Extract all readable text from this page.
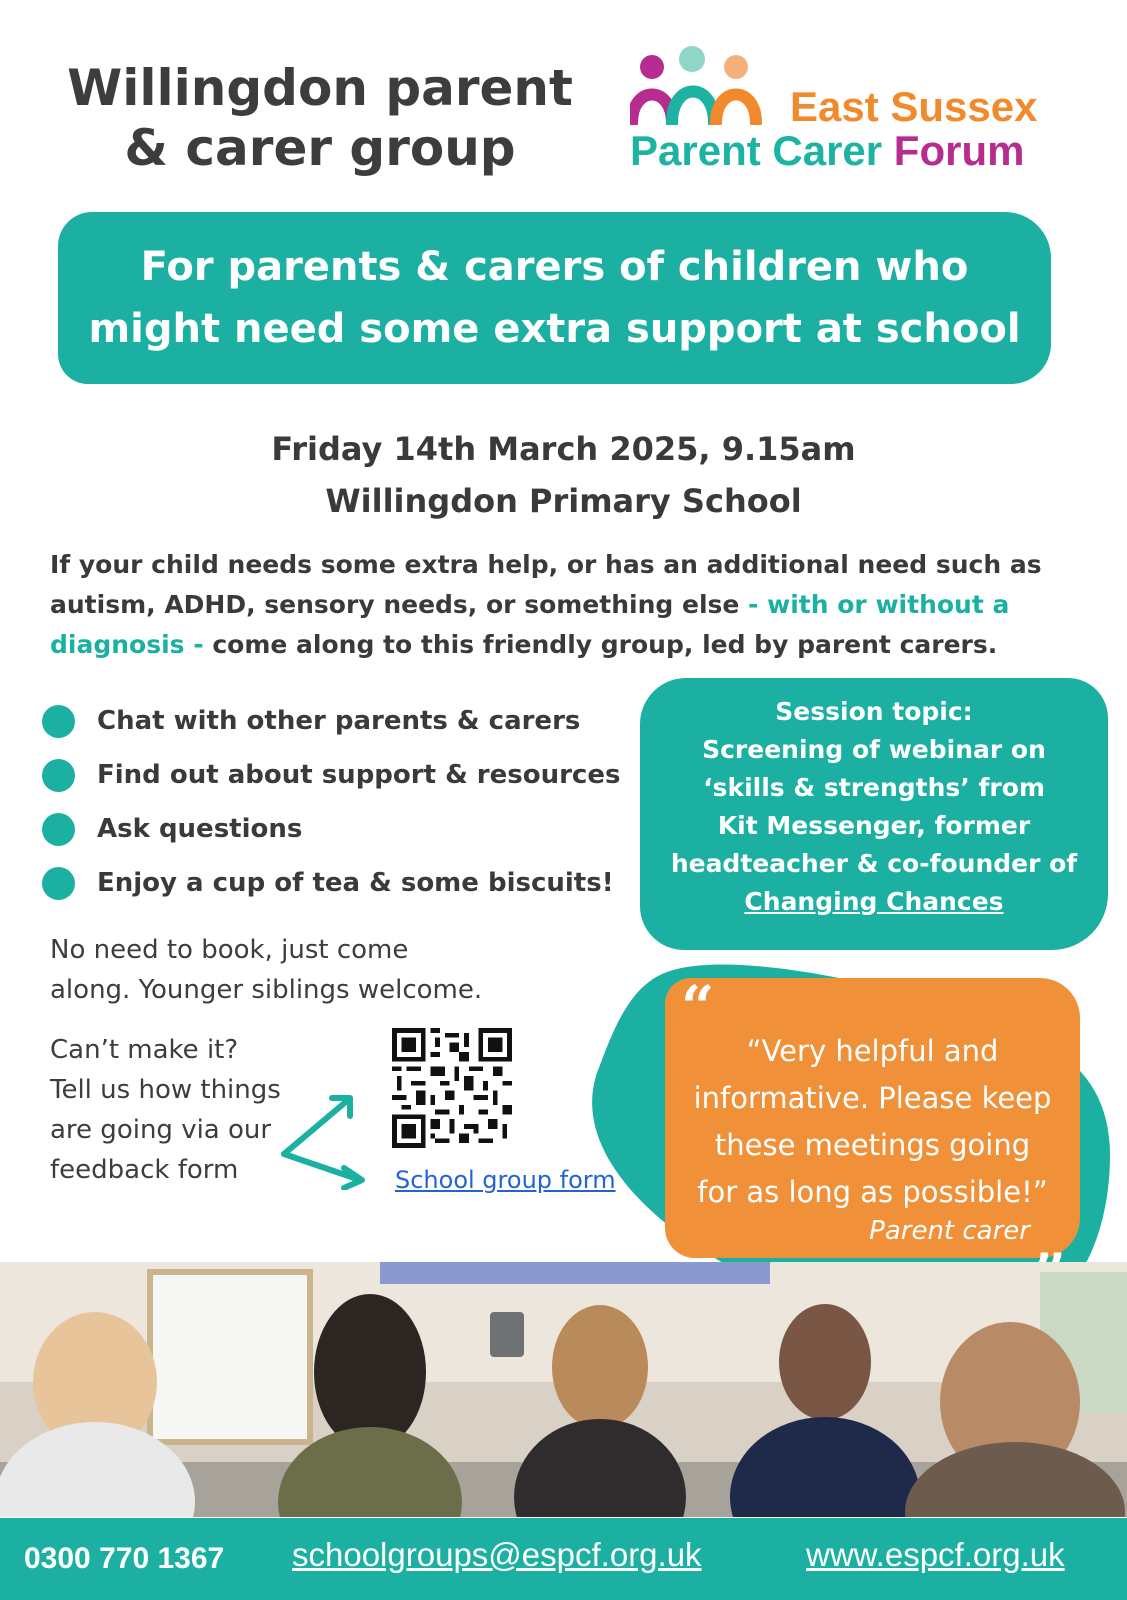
Willingdon parent
& carer group
East Sussex
Parent Carer Forum
For parents & carers of children who
might need some extra support at school
Friday 14th March 2025, 9.15am
Willingdon Primary School

If your child needs some extra help, or has an additional need such as autism, ADHD, sensory needs, or something else - with or without a diagnosis - come along to this friendly group, led by parent carers.

Chat with other parents & carers
Find out about support & resources
Ask questions
Enjoy a cup of tea & some biscuits!
No need to book, just come
along. Younger siblings welcome.
Can’t make it?
Tell us how things
are going via our
feedback form	School group form
Session topic:
Screening of webinar on
‘skills & strengths’ from
Kit Messenger, former
headteacher & co-founder of
Changing Chances
“
“Very helpful and
informative. Please keep
these meetings going
for as long as possible!”
Parent carer
0300 770 1367 schoolgroups@espcf.org.uk	www.espcf.org.uk
